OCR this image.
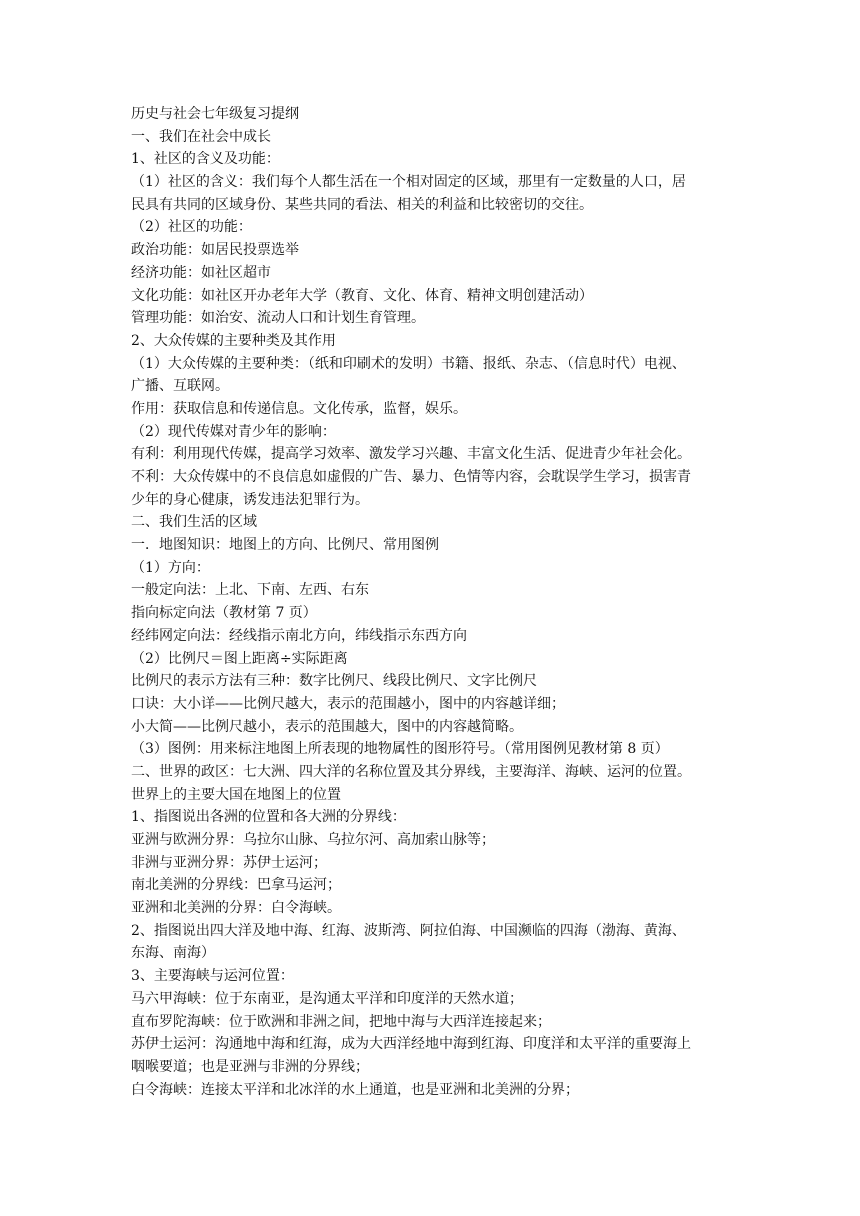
历史与社会七年级复习提纲
一、我们在社会中成长
1、社区的含义及功能：
（1）社区的含义：我们每个人都生活在一个相对固定的区域，那里有一定数量的人口，居
民具有共同的区域身份、某些共同的看法、相关的利益和比较密切的交往。
（2）社区的功能：
政治功能：如居民投票选举
经济功能：如社区超市
文化功能：如社区开办老年大学（教育、文化、体育、精神文明创建活动）
管理功能：如治安、流动人口和计划生育管理。
2、大众传媒的主要种类及其作用
（1）大众传媒的主要种类：（纸和印刷术的发明）书籍、报纸、杂志、（信息时代）电视、
广播、互联网。
作用：获取信息和传递信息。文化传承，监督，娱乐。
（2）现代传媒对青少年的影响：
有利：利用现代传媒，提高学习效率、激发学习兴趣、丰富文化生活、促进青少年社会化。
不利：大众传媒中的不良信息如虚假的广告、暴力、色情等内容，会耽误学生学习，损害青
少年的身心健康，诱发违法犯罪行为。
二、我们生活的区域
一．地图知识：地图上的方向、比例尺、常用图例
（1）方向：
一般定向法：上北、下南、左西、右东
指向标定向法（教材第 7 页）
经纬网定向法：经线指示南北方向，纬线指示东西方向
（2）比例尺＝图上距离÷实际距离
比例尺的表示方法有三种：数字比例尺、线段比例尺、文字比例尺
口诀：大小详——比例尺越大，表示的范围越小，图中的内容越详细；
小大简——比例尺越小，表示的范围越大，图中的内容越简略。
（3）图例：用来标注地图上所表现的地物属性的图形符号。（常用图例见教材第 8 页）
二、世界的政区：七大洲、四大洋的名称位置及其分界线，主要海洋、海峡、运河的位置。
世界上的主要大国在地图上的位置
1、指图说出各洲的位置和各大洲的分界线：
亚洲与欧洲分界：乌拉尔山脉、乌拉尔河、高加索山脉等；
非洲与亚洲分界：苏伊士运河；
南北美洲的分界线：巴拿马运河；
亚洲和北美洲的分界：白令海峡。
2、指图说出四大洋及地中海、红海、波斯湾、阿拉伯海、中国濒临的四海（渤海、黄海、
东海、南海）
3、主要海峡与运河位置：
马六甲海峡：位于东南亚，是沟通太平洋和印度洋的天然水道；
直布罗陀海峡：位于欧洲和非洲之间，把地中海与大西洋连接起来；
苏伊士运河：沟通地中海和红海，成为大西洋经地中海到红海、印度洋和太平洋的重要海上
咽喉要道；也是亚洲与非洲的分界线；
白令海峡：连接太平洋和北冰洋的水上通道，也是亚洲和北美洲的分界；
